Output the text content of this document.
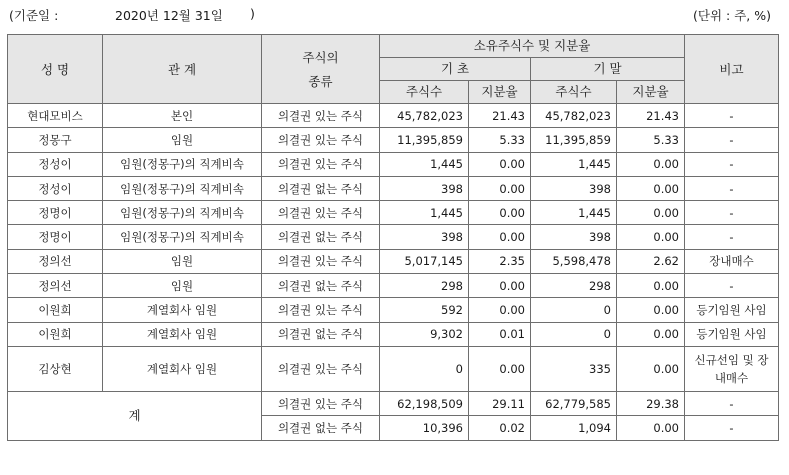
(기준일 :	2020년 12월 31일 )	(단위 : 주, %)
성 명	관 계	주식의
종류	소유주식수 및 지분율				비고
			기 초		기 말		
			주식수	지분율	주식수	지분율	
현대모비스	본인	의결권 있는 주식	45,782,023	21.43	45,782,023	21.43	-
정몽구	임원	의결권 있는 주식	11,395,859	5.33	11,395,859	5.33	-
정성이	임원(정몽구)의 직계비속	의결권 있는 주식	1,445	0.00	1,445	0.00	-
정성이	임원(정몽구)의 직계비속	의결권 없는 주식	398	0.00	398	0.00	-
정명이	임원(정몽구)의 직계비속	의결권 있는 주식	1,445	0.00	1,445	0.00	-
정명이	임원(정몽구)의 직계비속	의결권 없는 주식	398	0.00	398	0.00	-
정의선	임원	의결권 있는 주식	5,017,145	2.35	5,598,478	2.62	장내매수
정의선	임원	의결권 없는 주식	298	0.00	298	0.00	-
이원희	계열회사 임원	의결권 있는 주식	592	0.00	0	0.00	등기임원 사임
이원희	계열회사 임원	의결권 없는 주식	9,302	0.01	0	0.00	등기임원 사임
김상현	계열회사 임원	의결권 있는 주식	0	0.00	335	0.00	신규선임 및 장내매수
계		의결권 있는 주식	62,198,509	29.11	62,779,585	29.38	-
		의결권 없는 주식	10,396	0.02	1,094	0.00	-
